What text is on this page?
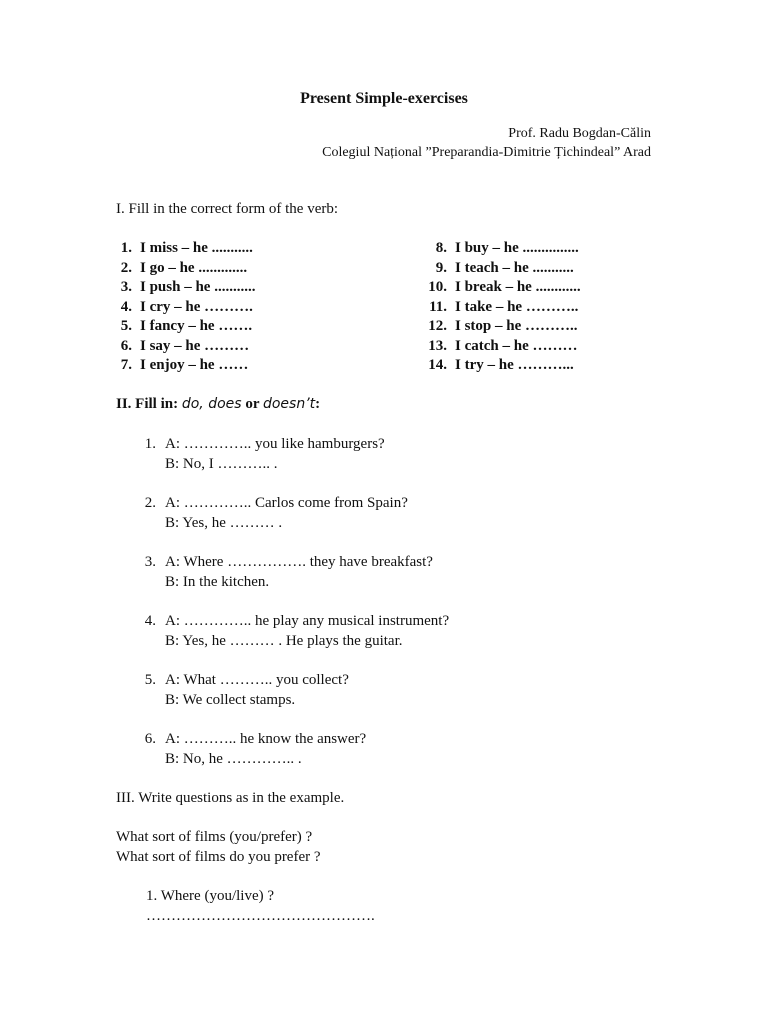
Present Simple-exercises
Prof. Radu Bogdan-Călin
Colegiul Național ”Preparandia-Dimitrie Țichindeal” Arad
I. Fill in the correct form of the verb:
1. I miss – he ...........
2. I go – he .............
3. I push – he ...........
4. I cry – he ……….
5. I fancy – he …….
6. I say – he ………
7. I enjoy – he ……
8. I buy – he ...............
9. I teach – he ...........
10. I break – he ............
11. I take – he ………..
12. I stop – he ………..
13. I catch – he ………
14. I try – he ………...
II. Fill in: do, does or doesn’t:

1.

A: ………….. you like hamburgers?

B: No, I ……….. .

2.

A: ………….. Carlos come from Spain?

B: Yes, he ……… .

3.

A: Where ……………. they have breakfast?

B: In the kitchen.

4.

A: ………….. he play any musical instrument?

B: Yes, he ……… . He plays the guitar.

5.

A: What ……….. you collect?

B: We collect stamps.

6.

A: ……….. he know the answer?

B: No, he ………….. .

III. Write questions as in the example.
What sort of films (you/prefer) ?
What sort of films do you prefer ?
1. Where (you/live) ?
……………………………………….
